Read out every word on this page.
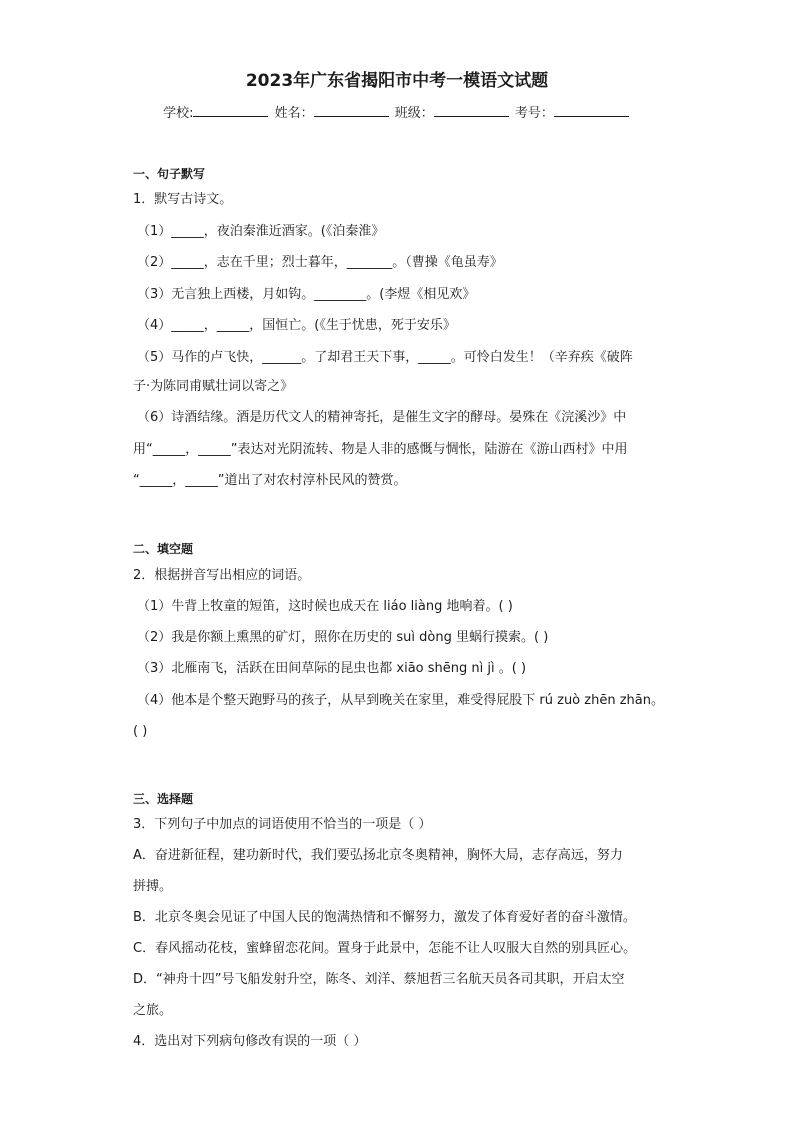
2023年广东省揭阳市中考一模语文试题
学校:	姓名：	班级：	考号：
一、句子默写
1．默写古诗文。
（1）_____，夜泊秦淮近酒家。(《泊秦淮》
（2）_____，志在千里；烈士暮年，_______。（曹操《龟虽寿》
（3）无言独上西楼，月如钩。________。(李煜《相见欢》
（4）_____，_____，国恒亡。(《生于忧患，死于安乐》
（5）马作的卢飞快，______。了却君王天下事，_____。可怜白发生！（辛弃疾《破阵
子·为陈同甫赋壮词以寄之》
（6）诗酒结缘。酒是历代文人的精神寄托，是催生文字的酵母。晏殊在《浣溪沙》中
用“_____，_____”表达对光阴流转、物是人非的感慨与惆怅，陆游在《游山西村》中用
“_____，_____”道出了对农村淳朴民风的赞赏。
二、填空题
2．根据拼音写出相应的词语。
（1）牛背上牧童的短笛，这时候也成天在 liáo liàng 地响着。( )
（2）我是你额上熏黑的矿灯，照你在历史的 suì dòng 里蜗行摸索。( )
（3）北雁南飞，活跃在田间草际的昆虫也都 xiāo shēng nì jì 。( )
（4）他本是个整天跑野马的孩子，从早到晚关在家里，难受得屁股下 rú zuò zhēn zhān。
( )
三、选择题
3．下列句子中加点的词语使用不恰当的一项是（ ）
A．奋进新征程，建功新时代，我们要弘扬北京冬奥精神，胸怀大局，志存高远，努力
拼搏。
B．北京冬奥会见证了中国人民的饱满热情和不懈努力，激发了体育爱好者的奋斗激情。
C．春风摇动花枝，蜜蜂留恋花间。置身于此景中，怎能不让人叹服大自然的别具匠心。
D．“神舟十四”号飞船发射升空，陈冬、刘洋、蔡旭哲三名航天员各司其职，开启太空
之旅。
4．选出对下列病句修改有误的一项（ ）
